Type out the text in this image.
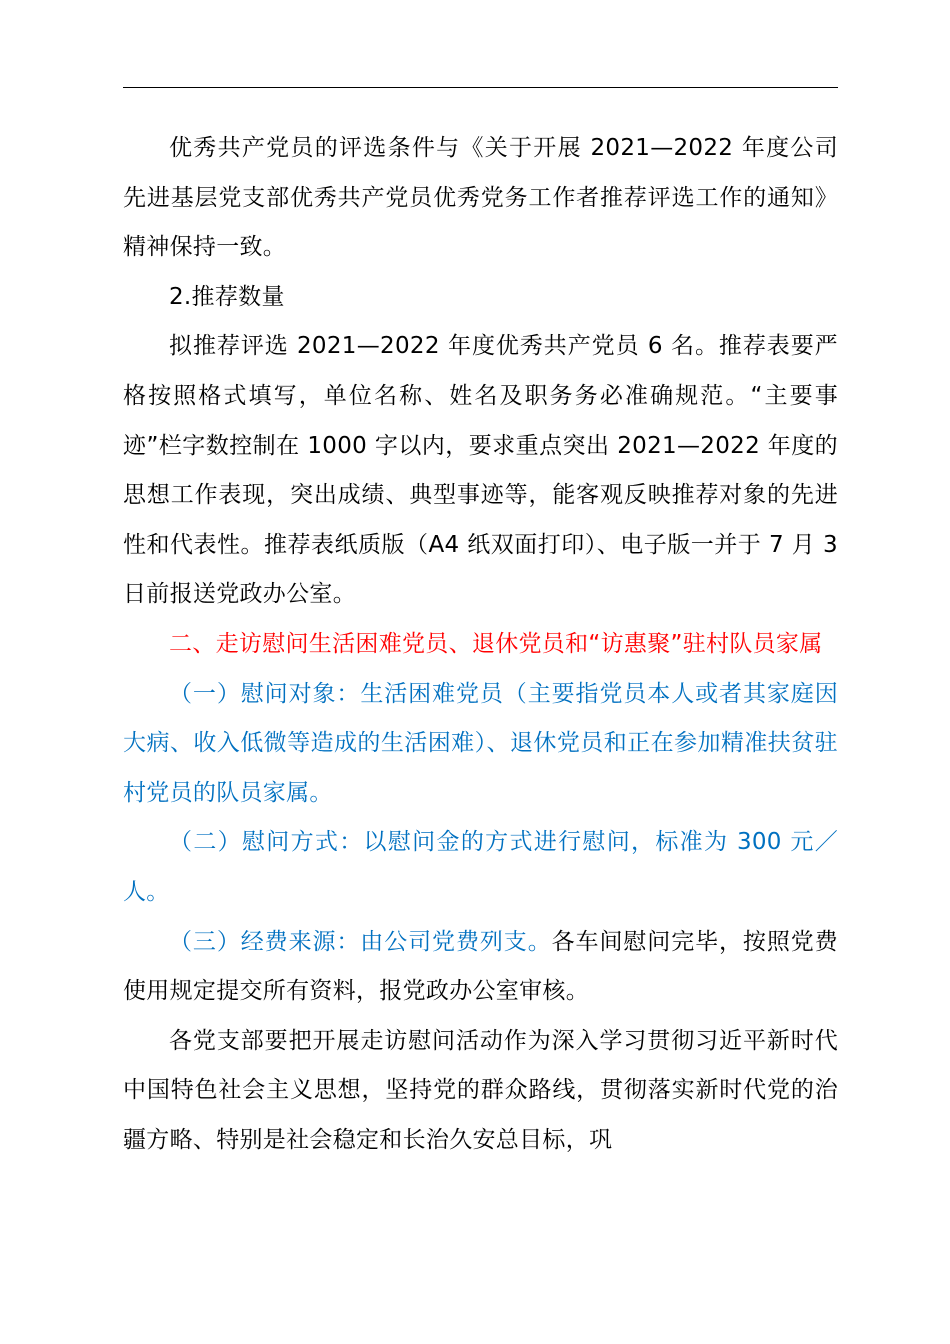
优秀共产党员的评选条件与《关于开展 2021—2022 年度公司先进基层党支部优秀共产党员优秀党务工作者推荐评选工作的通知》精神保持一致。

2.推荐数量

拟推荐评选 2021—2022 年度优秀共产党员 6 名。推荐表要严格按照格式填写，单位名称、姓名及职务务必准确规范。“主要事迹”栏字数控制在 1000 字以内，要求重点突出 2021—2022 年度的思想工作表现，突出成绩、典型事迹等，能客观反映推荐对象的先进性和代表性。推荐表纸质版（A4 纸双面打印）、电子版一并于 7 月 3 日前报送党政办公室。

二、走访慰问生活困难党员、退休党员和“访惠聚”驻村队员家属

（一）慰问对象：生活困难党员（主要指党员本人或者其家庭因大病、收入低微等造成的生活困难）、退休党员和正在参加精准扶贫驻村党员的队员家属。

（二）慰问方式：以慰问金的方式进行慰问，标准为 300 元／人。

（三）经费来源：由公司党费列支。各车间慰问完毕，按照党费使用规定提交所有资料，报党政办公室审核。

各党支部要把开展走访慰问活动作为深入学习贯彻习近平新时代中国特色社会主义思想，坚持党的群众路线，贯彻落实新时代党的治疆方略、特别是社会稳定和长治久安总目标，巩
